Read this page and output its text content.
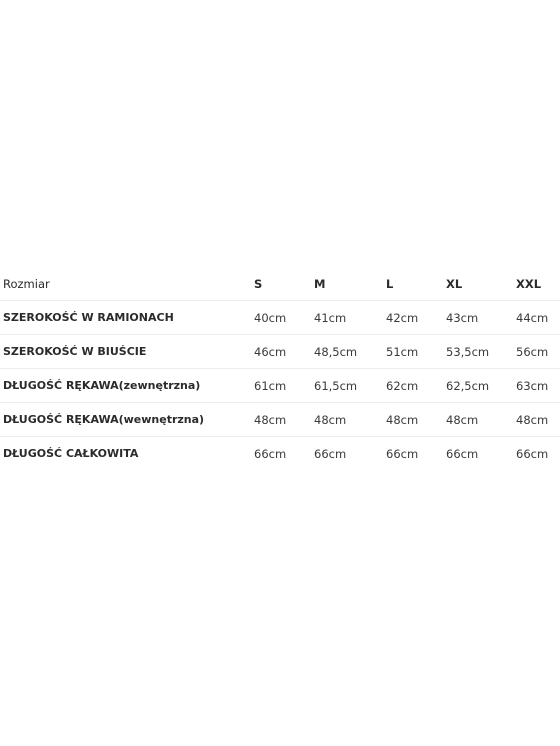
Rozmiar	S	M	L	XL	XXL
SZEROKOŚĆ W RAMIONACH	40cm	41cm	42cm	43cm	44cm
SZEROKOŚĆ W BIUŚCIE	46cm	48,5cm	51cm	53,5cm	56cm
DŁUGOŚĆ RĘKAWA(zewnętrzna)	61cm	61,5cm	62cm	62,5cm	63cm
DŁUGOŚĆ RĘKAWA(wewnętrzna)	48cm	48cm	48cm	48cm	48cm
DŁUGOŚĆ CAŁKOWITA	66cm	66cm	66cm	66cm	66cm
